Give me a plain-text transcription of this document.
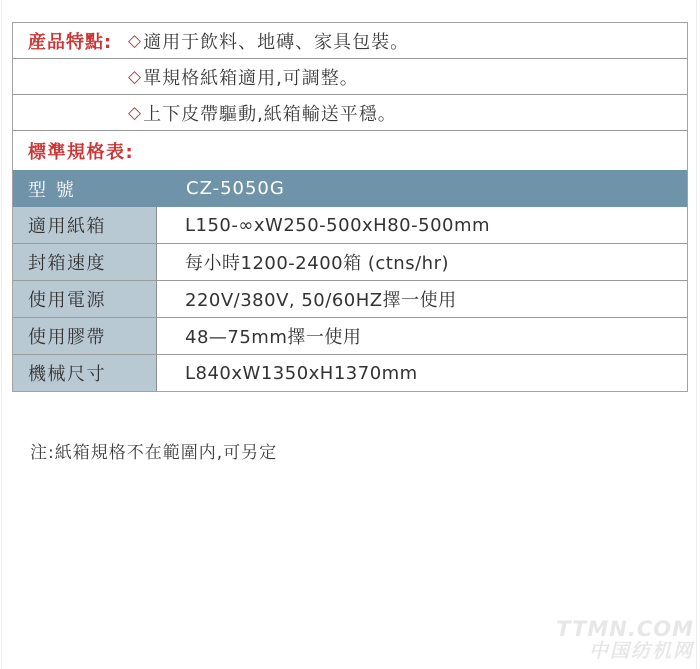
産品特點: ◇ 適用于飲料、地磚、家具包裝。
◇ 單規格紙箱適用,可調整。
◇ 上下皮帶驅動,紙箱輸送平穩。
標準規格表:
型 號	CZ-5050G
適用紙箱	L150-∞xW250-500xH80-500mm
封箱速度	每小時1200-2400箱 (ctns/hr)
使用電源	220V/380V, 50/60HZ擇一使用
使用膠帶	48—75mm擇一使用
機械尺寸	L840xW1350xH1370mm
注:紙箱規格不在範圍内,可另定
TTMN.COM
中国纺机网
